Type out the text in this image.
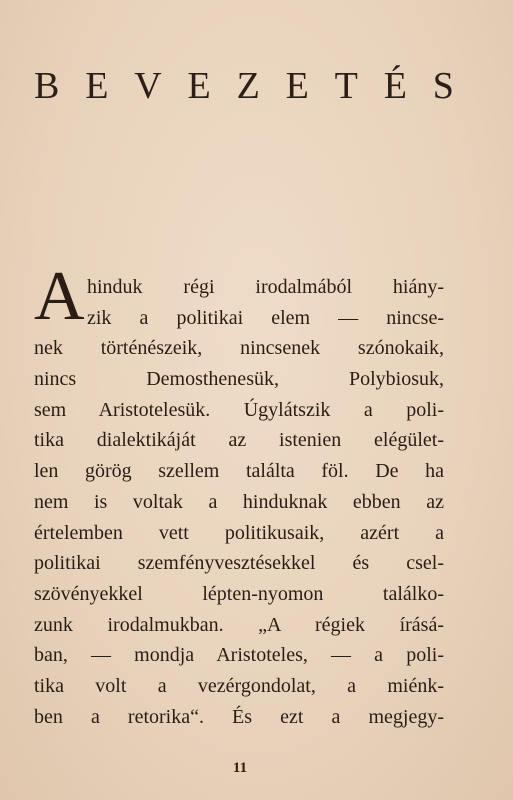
B E V E Z E T É S
A hinduk régi irodalmából hiány-
zik a politikai elem — nincse-
nek történészeik, nincsenek szónokaik,
nincs Demosthenesük, Polybiosuk,
sem Aristotelesük. Úgylátszik a poli-
tika dialektikáját az istenien elégület-
len görög szellem találta föl. De ha
nem is voltak a hinduknak ebben az
értelemben vett politikusaik, azért a
politikai szemfényvesztésekkel és csel-
szövényekkel lépten-nyomon találko-
zunk irodalmukban. „A régiek írásá-
ban, — mondja Aristoteles, — a poli-
tika volt a vezérgondolat, a miénk-
ben a retorika“. És ezt a megjegy-
11
